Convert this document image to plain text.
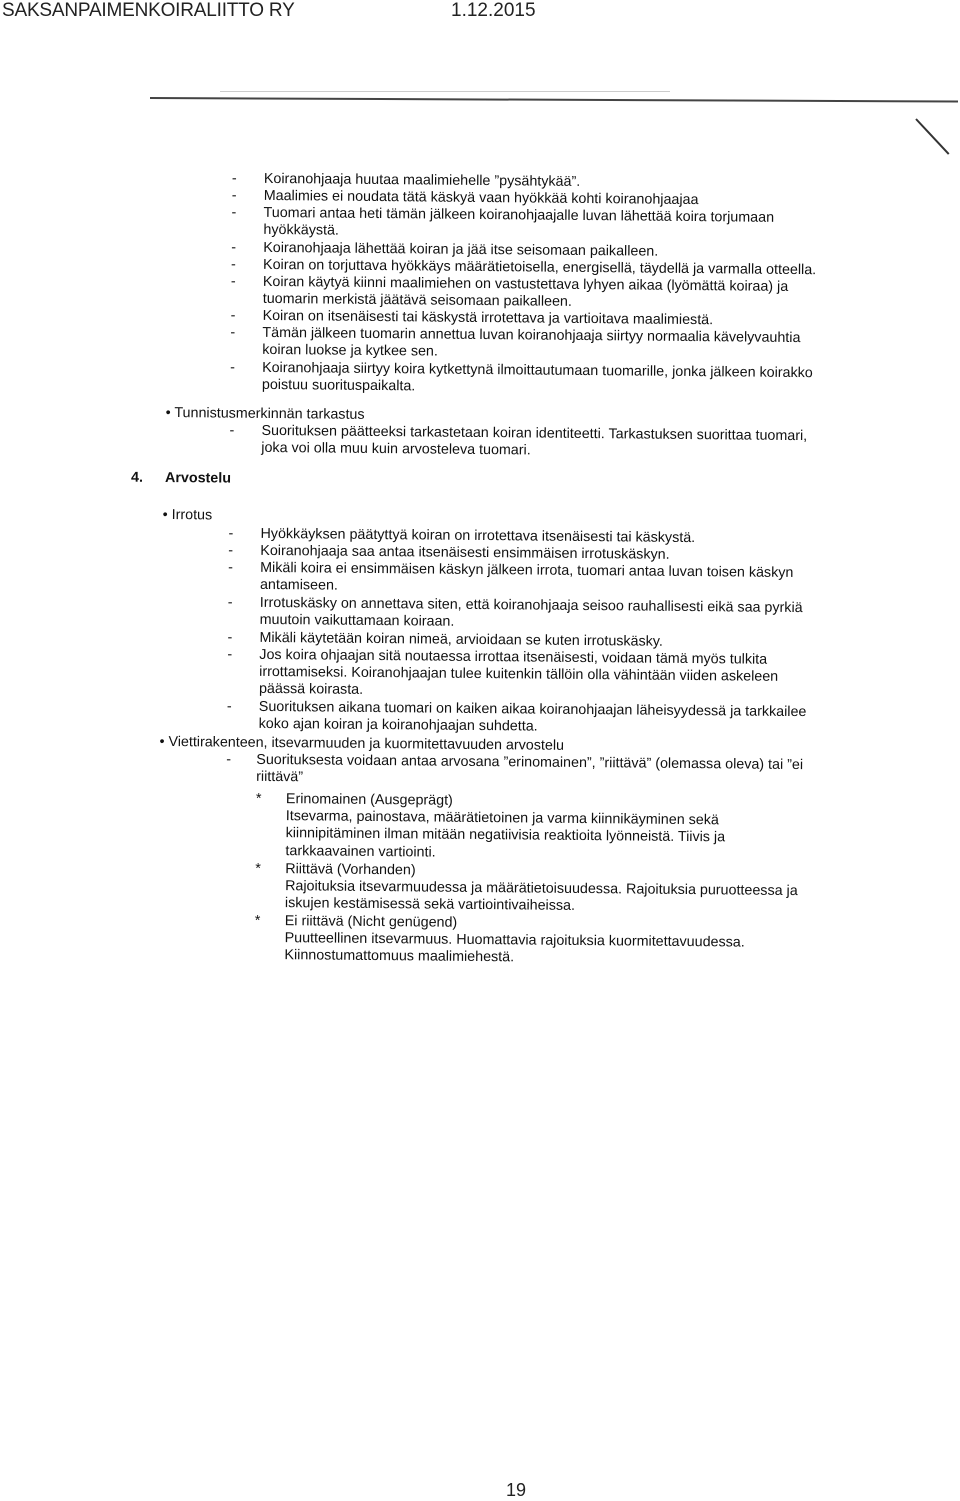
SAKSANPAIMENKOIRALIITTO RY	1.12.2015
- Koiranohjaaja huutaa maalimiehelle ”pysähtykää”.
- Maalimies ei noudata tätä käskyä vaan hyökkää kohti koiranohjaajaa
- Tuomari antaa heti tämän jälkeen koiranohjaajalle luvan lähettää koira torjumaan
hyökkäystä.
- Koiranohjaaja lähettää koiran ja jää itse seisomaan paikalleen.
- Koiran on torjuttava hyökkäys määrätietoisella, energisellä, täydellä ja varmalla otteella.
- Koiran käytyä kiinni maalimiehen on vastustettava lyhyen aikaa (lyömättä koiraa) ja
tuomarin merkistä jäätävä seisomaan paikalleen.
- Koiran on itsenäisesti tai käskystä irrotettava ja vartioitava maalimiestä.
- Tämän jälkeen tuomarin annettua luvan koiranohjaaja siirtyy normaalia kävelyvauhtia
koiran luokse ja kytkee sen.
- Koiranohjaaja siirtyy koira kytkettynä ilmoittautumaan tuomarille, jonka jälkeen koirakko
poistuu suorituspaikalta.
• Tunnistusmerkinnän tarkastus
- Suorituksen päätteeksi tarkastetaan koiran identiteetti. Tarkastuksen suorittaa tuomari,
joka voi olla muu kuin arvosteleva tuomari.
4. Arvostelu
• Irrotus
- Hyökkäyksen päätyttyä koiran on irrotettava itsenäisesti tai käskystä.
- Koiranohjaaja saa antaa itsenäisesti ensimmäisen irrotuskäskyn.
- Mikäli koira ei ensimmäisen käskyn jälkeen irrota, tuomari antaa luvan toisen käskyn
antamiseen.
- Irrotuskäsky on annettava siten, että koiranohjaaja seisoo rauhallisesti eikä saa pyrkiä
muutoin vaikuttamaan koiraan.
- Mikäli käytetään koiran nimeä, arvioidaan se kuten irrotuskäsky.
- Jos koira ohjaajan sitä noutaessa irrottaa itsenäisesti, voidaan tämä myös tulkita
irrottamiseksi. Koiranohjaajan tulee kuitenkin tällöin olla vähintään viiden askeleen
päässä koirasta.
- Suorituksen aikana tuomari on kaiken aikaa koiranohjaajan läheisyydessä ja tarkkailee
koko ajan koiran ja koiranohjaajan suhdetta.
• Viettirakenteen, itsevarmuuden ja kuormitettavuuden arvostelu
- Suorituksesta voidaan antaa arvosana ”erinomainen”, ”riittävä” (olemassa oleva) tai ”ei
riittävä”
* Erinomainen (Ausgeprägt)
Itsevarma, painostava, määrätietoinen ja varma kiinnikäyminen sekä
kiinnipitäminen ilman mitään negatiivisia reaktioita lyönneistä. Tiivis ja
tarkkaavainen vartiointi.
* Riittävä (Vorhanden)
Rajoituksia itsevarmuudessa ja määrätietoisuudessa. Rajoituksia puruotteessa ja
iskujen kestämisessä sekä vartiointivaiheissa.
* Ei riittävä (Nicht genügend)
Puutteellinen itsevarmuus. Huomattavia rajoituksia kuormitettavuudessa.
Kiinnostumattomuus maalimiehestä.
19
